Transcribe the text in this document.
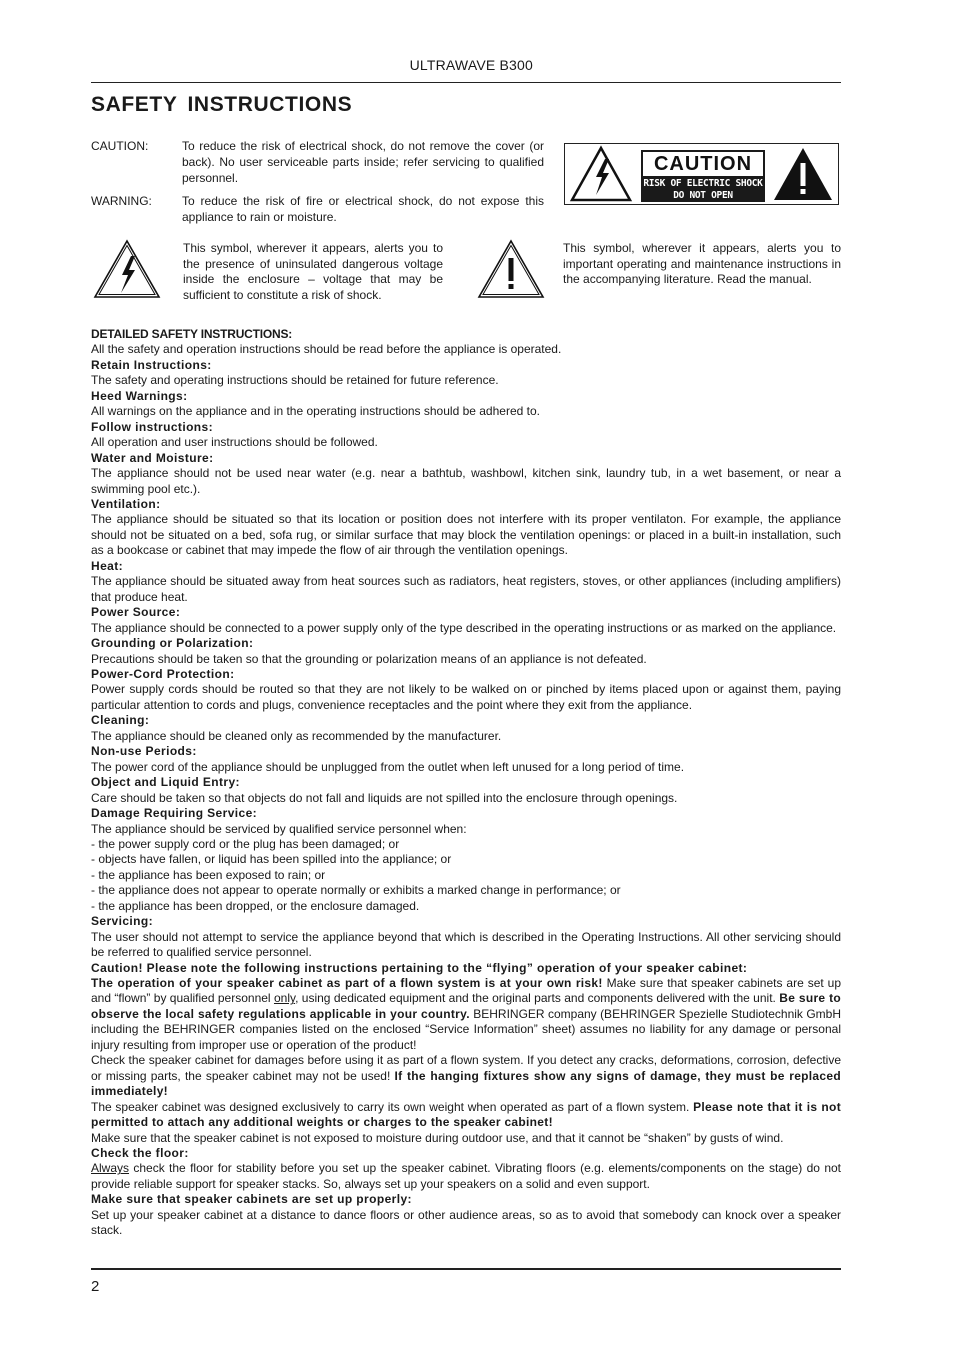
ULTRAWAVE B300
SAFETY INSTRUCTIONS
CAUTION:	To reduce the risk of electrical shock, do not remove the cover (or back). No user serviceable parts inside; refer servicing to qualified personnel.
WARNING:	To reduce the risk of fire or electrical shock, do not expose this appliance to rain or moisture.
CAUTION
RISK OF ELECTRIC SHOCK
DO NOT OPEN
This symbol, wherever it appears, alerts you to the presence of uninsulated dangerous voltage inside the enclosure – voltage that may be sufficient to constitute a risk of shock.
This symbol, wherever it appears, alerts you to important operating and maintenance instructions in the accompanying literature. Read the manual.

DETAILED SAFETY INSTRUCTIONS:

All the safety and operation instructions should be read before the appliance is operated.

Retain Instructions:

The safety and operating instructions should be retained for future reference.

Heed Warnings:

All warnings on the appliance and in the operating instructions should be adhered to.

Follow instructions:

All operation and user instructions should be followed.

Water and Moisture:

The appliance should not be used near water (e.g. near a bathtub, washbowl, kitchen sink, laundry tub, in a wet basement, or near a swimming pool etc.).

Ventilation:

The appliance should be situated so that its location or position does not interfere with its proper ventilaton. For example, the appliance should not be situated on a bed, sofa rug, or similar surface that may block the ventilation openings: or placed in a built-in installation, such as a bookcase or cabinet that may impede the flow of air through the ventilation openings.

Heat:

The appliance should be situated away from heat sources such as radiators, heat registers, stoves, or other appliances (including amplifiers) that produce heat.

Power Source:

The appliance should be connected to a power supply only of the type described in the operating instructions or as marked on the appliance.

Grounding or Polarization:

Precautions should be taken so that the grounding or polarization means of an appliance is not defeated.

Power-Cord Protection:

Power supply cords should be routed so that they are not likely to be walked on or pinched by items placed upon or against them, paying particular attention to cords and plugs, convenience receptacles and the point where they exit from the appliance.

Cleaning:

The appliance should be cleaned only as recommended by the manufacturer.

Non-use Periods:

The power cord of the appliance should be unplugged from the outlet when left unused for a long period of time.

Object and Liquid Entry:

Care should be taken so that objects do not fall and liquids are not spilled into the enclosure through openings.

Damage Requiring Service:

The appliance should be serviced by qualified service personnel when:

- the power supply cord or the plug has been damaged; or

- objects have fallen, or liquid has been spilled into the appliance; or

- the appliance has been exposed to rain; or

- the appliance does not appear to operate normally or exhibits a marked change in performance; or

- the appliance has been dropped, or the enclosure damaged.

Servicing:

The user should not attempt to service the appliance beyond that which is described in the Operating Instructions. All other servicing should be referred to qualified service personnel.

Caution! Please note the following instructions pertaining to the “flying” operation of your speaker cabinet:

The operation of your speaker cabinet as part of a flown system is at your own risk! Make sure that speaker cabinets are set up and “flown” by qualified personnel only, using dedicated equipment and the original parts and components delivered with the unit. Be sure to observe the local safety regulations applicable in your country. BEHRINGER company (BEHRINGER Spezielle Studiotechnik GmbH including the BEHRINGER companies listed on the enclosed “Service Information” sheet) assumes no liability for any damage or personal injury resulting from improper use or operation of the product!

Check the speaker cabinet for damages before using it as part of a flown system. If you detect any cracks, deformations, corrosion, defective or missing parts, the speaker cabinet may not be used! If the hanging fixtures show any signs of damage, they must be replaced immediately!

The speaker cabinet was designed exclusively to carry its own weight when operated as part of a flown system. Please note that it is not permitted to attach any additional weights or charges to the speaker cabinet!

Make sure that the speaker cabinet is not exposed to moisture during outdoor use, and that it cannot be “shaken” by gusts of wind.

Check the floor:

Always check the floor for stability before you set up the speaker cabinet. Vibrating floors (e.g. elements/components on the stage) do not provide reliable support for speaker stacks. So, always set up your speakers on a solid and even support.

Make sure that speaker cabinets are set up properly:

Set up your speaker cabinet at a distance to dance floors or other audience areas, so as to avoid that somebody can knock over a speaker stack.

2
